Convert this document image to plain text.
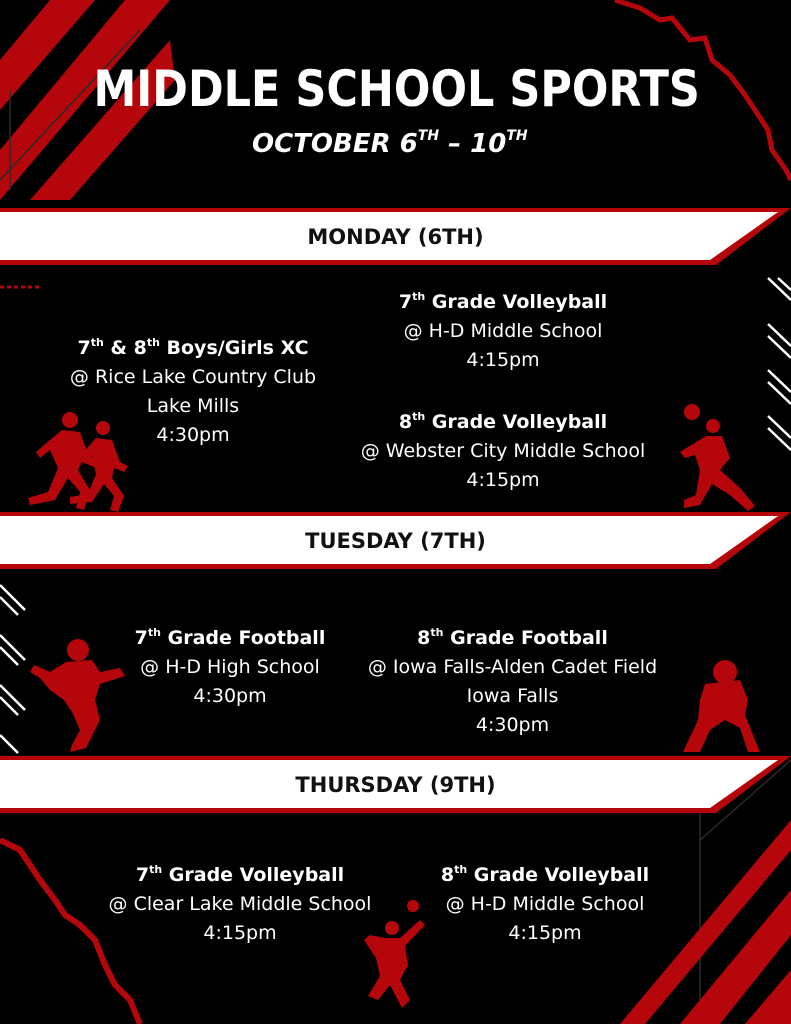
MIDDLE SCHOOL SPORTS
OCTOBER 6TH – 10TH
MONDAY (6TH)
7th & 8th Boys/Girls XC
@ Rice Lake Country Club
Lake Mills
4:30pm
7th Grade Volleyball
@ H-D Middle School
4:15pm
8th Grade Volleyball
@ Webster City Middle School
4:15pm
TUESDAY (7TH)
7th Grade Football
@ H-D High School
4:30pm
8th Grade Football
@ Iowa Falls-Alden Cadet Field
Iowa Falls
4:30pm
THURSDAY (9TH)
7th Grade Volleyball
@ Clear Lake Middle School
4:15pm
8th Grade Volleyball
@ H-D Middle School
4:15pm
